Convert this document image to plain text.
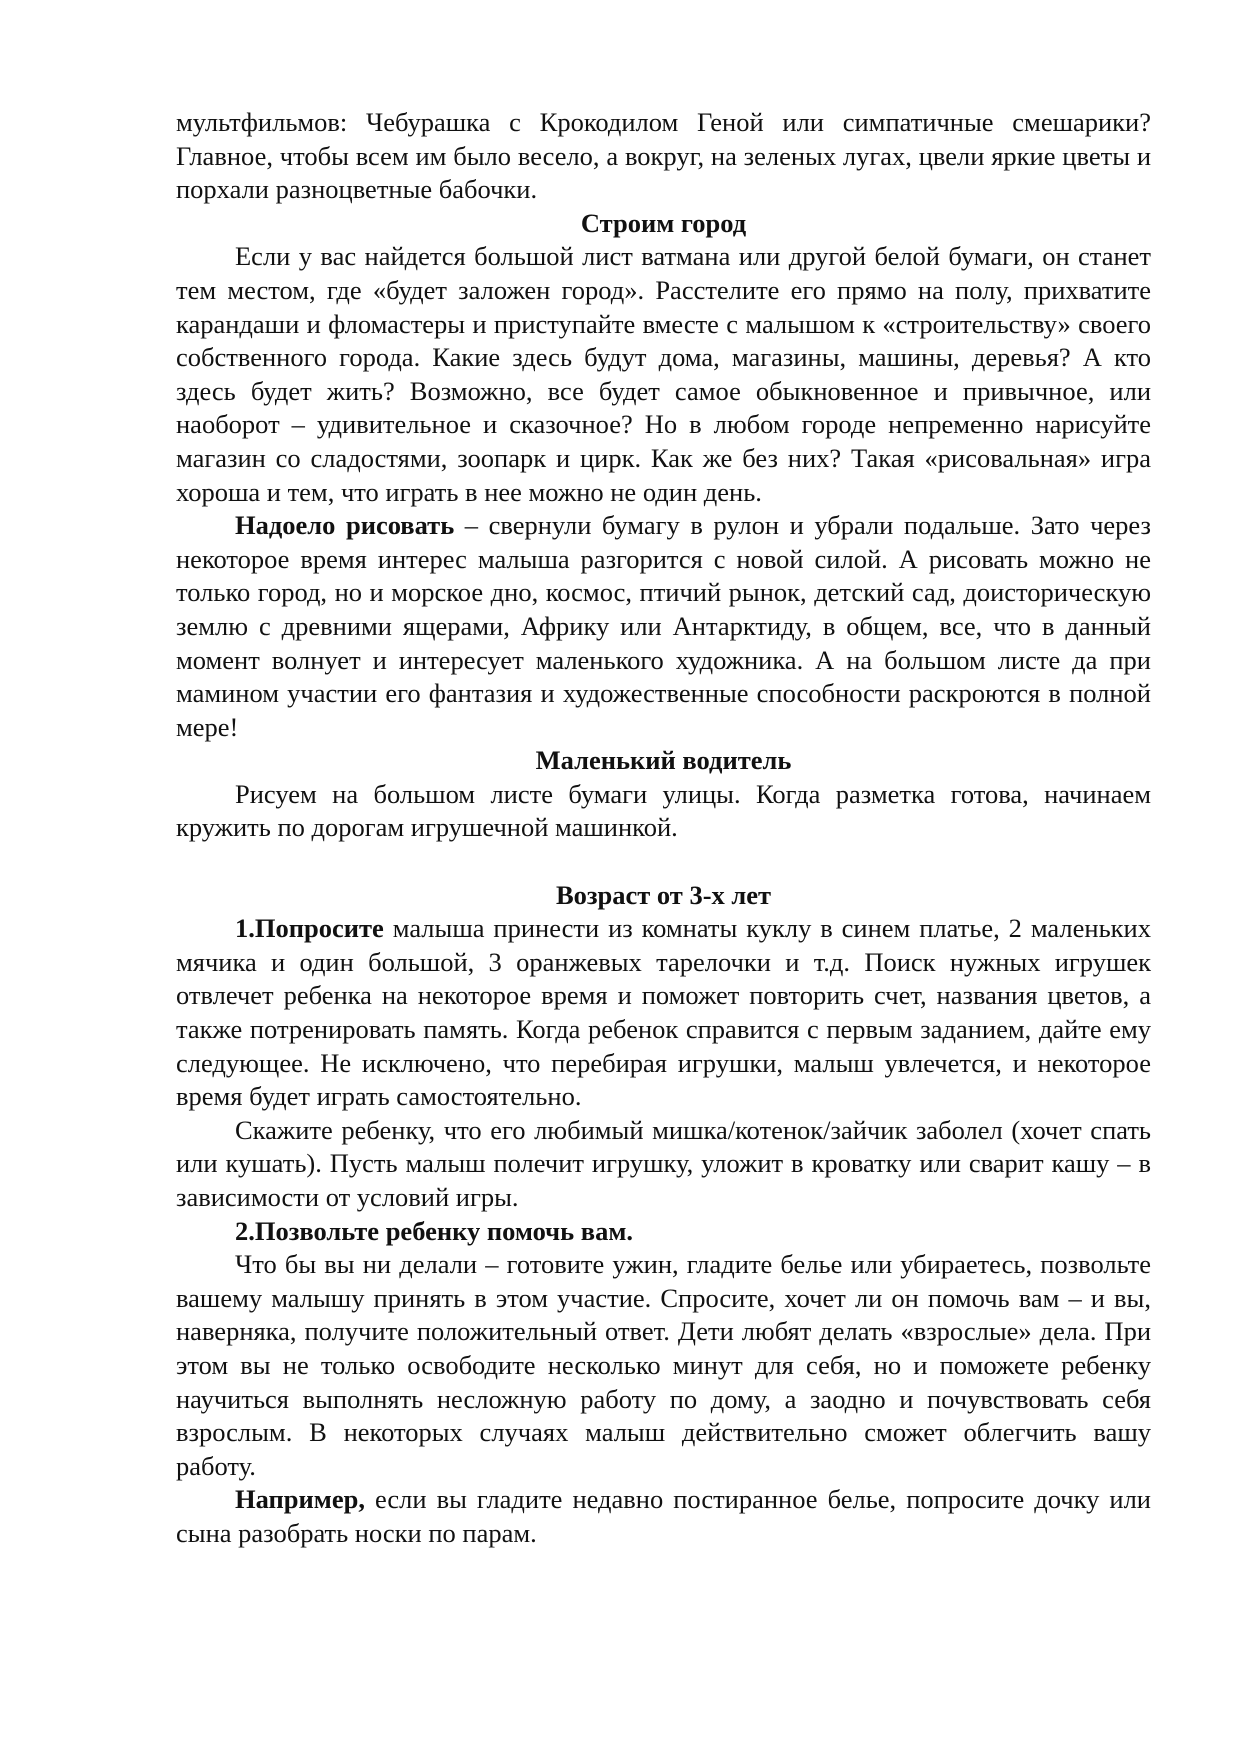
мультфильмов: Чебурашка с Крокодилом Геной или симпатичные смешарики? Главное, чтобы всем им было весело, а вокруг, на зеленых лугах, цвели яркие цветы и порхали разноцветные бабочки.

Строим город

Если у вас найдется большой лист ватмана или другой белой бумаги, он станет тем местом, где «будет заложен город». Расстелите его прямо на полу, прихватите карандаши и фломастеры и приступайте вместе с малышом к «строительству» своего собственного города. Какие здесь будут дома, магазины, машины, деревья? А кто здесь будет жить? Возможно, все будет самое обыкновенное и привычное, или наоборот – удивительное и сказочное? Но в любом городе непременно нарисуйте магазин со сладостями, зоопарк и цирк. Как же без них? Такая «рисовальная» игра хороша и тем, что играть в нее можно не один день.

Надоело рисовать – свернули бумагу в рулон и убрали подальше. Зато через некоторое время интерес малыша разгорится с новой силой. А рисовать можно не только город, но и морское дно, космос, птичий рынок, детский сад, доисторическую землю с древними ящерами, Африку или Антарктиду, в общем, все, что в данный момент волнует и интересует маленького художника. А на большом листе да при мамином участии его фантазия и художественные способности раскроются в полной мере!

Маленький водитель

Рисуем на большом листе бумаги улицы. Когда разметка готова, начинаем кружить по дорогам игрушечной машинкой.

Возраст от 3-х лет

1.Попросите малыша принести из комнаты куклу в синем платье, 2 маленьких мячика и один большой, 3 оранжевых тарелочки и т.д. Поиск нужных игрушек отвлечет ребенка на некоторое время и поможет повторить счет, названия цветов, а также потренировать память. Когда ребенок справится с первым заданием, дайте ему следующее. Не исключено, что перебирая игрушки, малыш увлечется, и некоторое время будет играть самостоятельно.

Скажите ребенку, что его любимый мишка/котенок/зайчик заболел (хочет спать или кушать). Пусть малыш полечит игрушку, уложит в кроватку или сварит кашу – в зависимости от условий игры.

2.Позвольте ребенку помочь вам.

Что бы вы ни делали – готовите ужин, гладите белье или убираетесь, позвольте вашему малышу принять в этом участие. Спросите, хочет ли он помочь вам – и вы, наверняка, получите положительный ответ. Дети любят делать «взрослые» дела. При этом вы не только освободите несколько минут для себя, но и поможете ребенку научиться выполнять несложную работу по дому, а заодно и почувствовать себя взрослым. В некоторых случаях малыш действительно сможет облегчить вашу работу.

Например, если вы гладите недавно постиранное белье, попросите дочку или сына разобрать носки по парам.
